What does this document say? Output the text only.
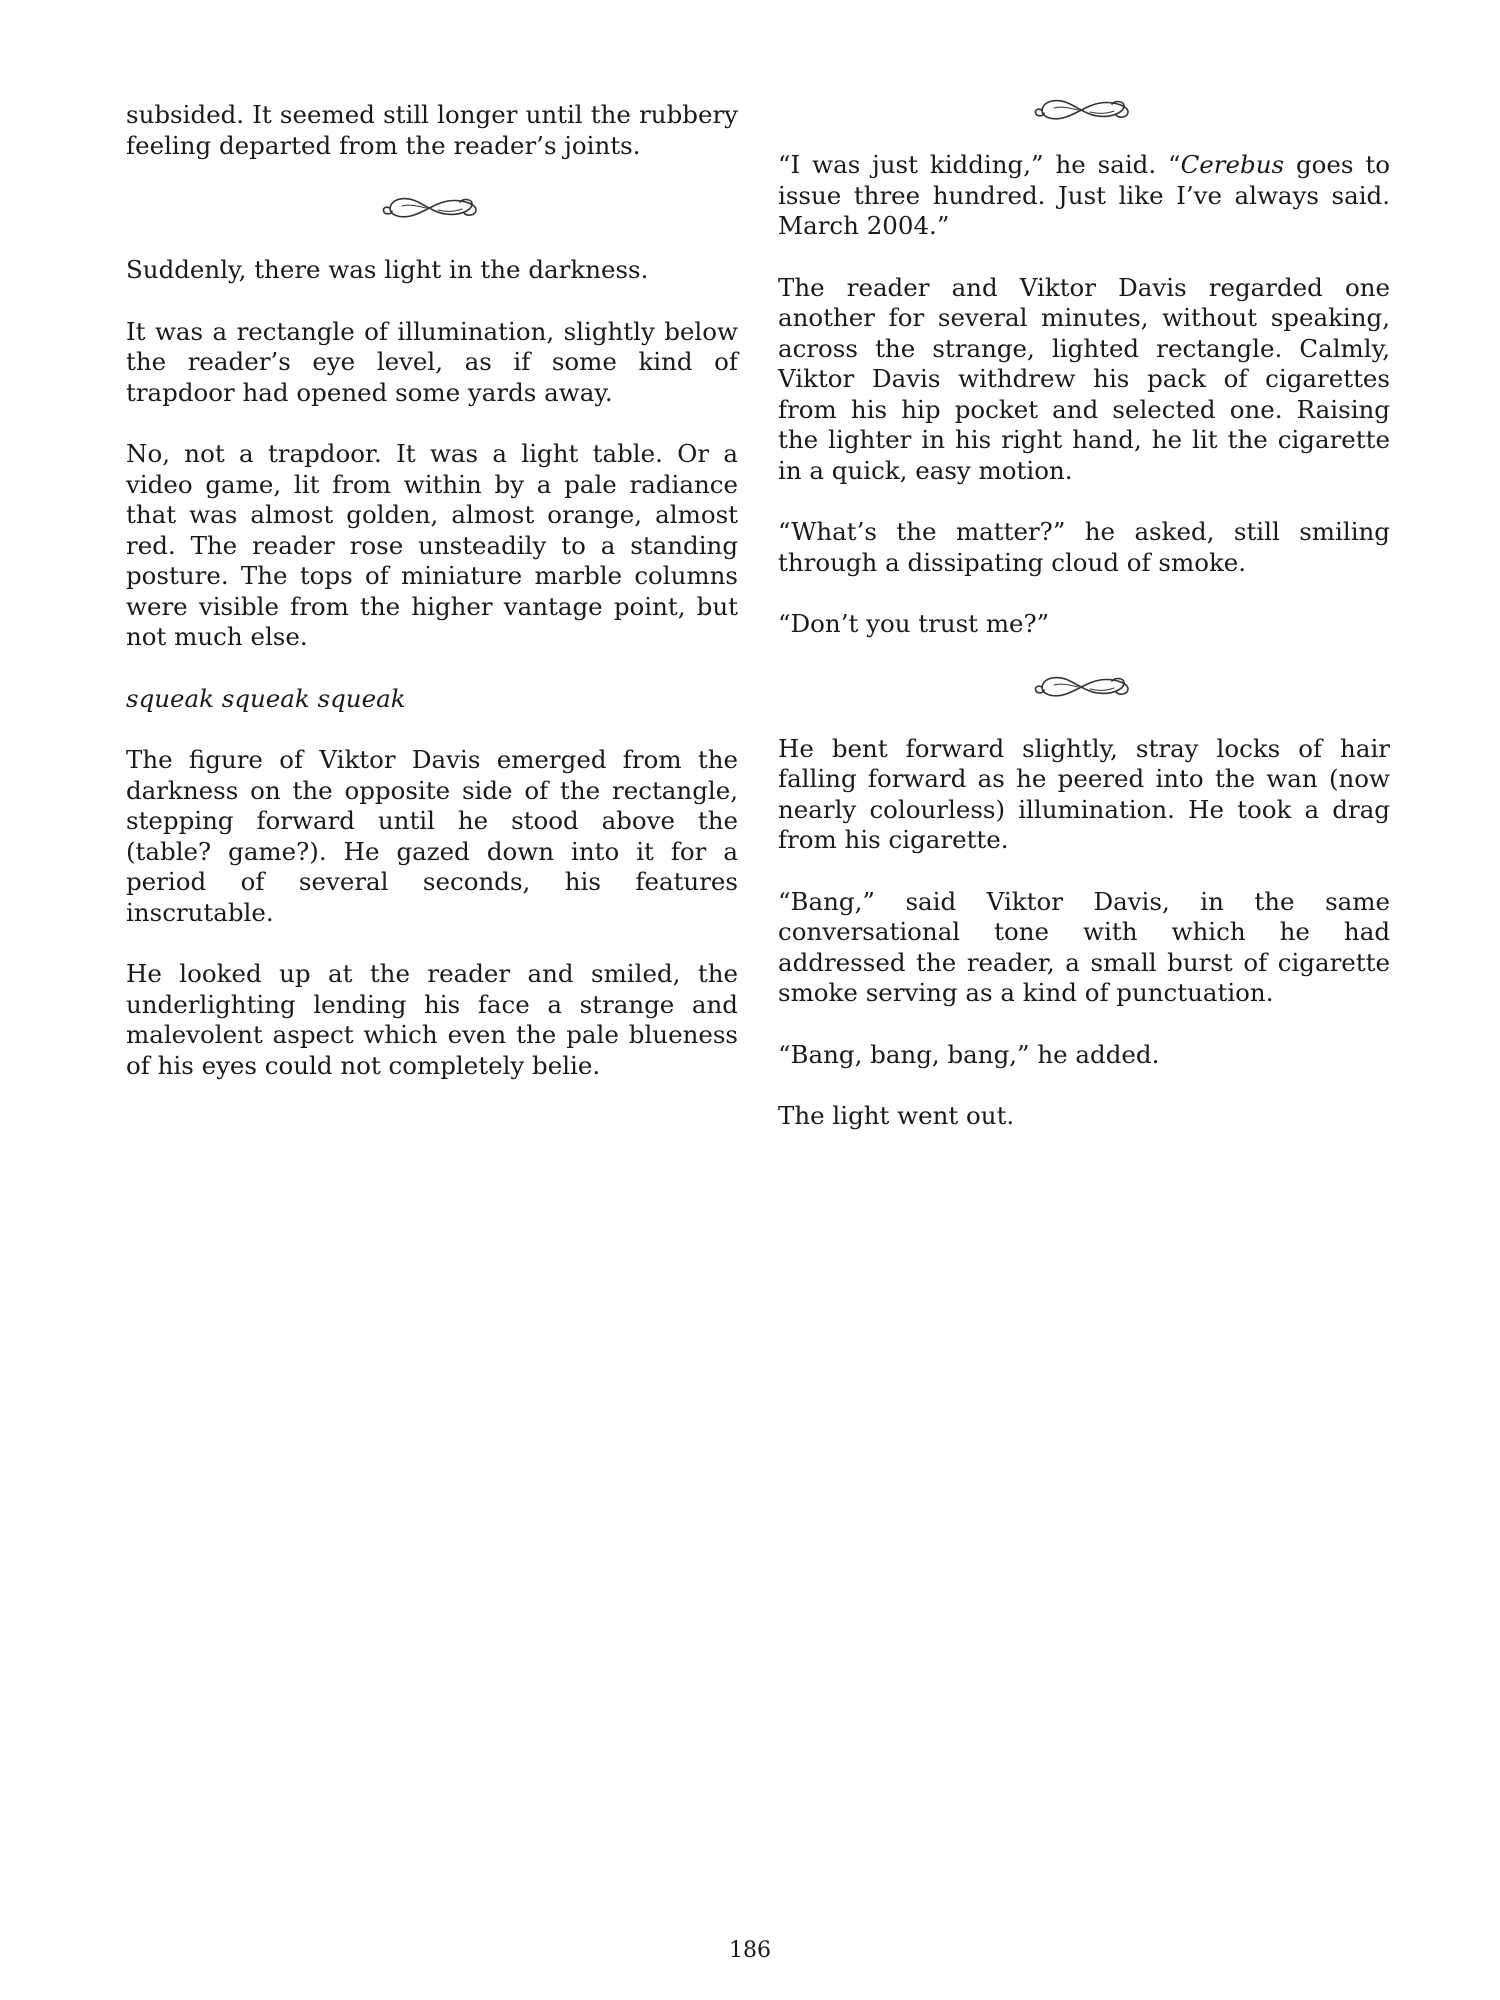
subsided. It seemed still longer until the rubbery feeling departed from the reader’s joints.

Suddenly, there was light in the darkness.

It was a rectangle of illumination, slightly below the reader’s eye level, as if some kind of trapdoor had opened some yards away.

No, not a trapdoor. It was a light table. Or a video game, lit from within by a pale radiance that was almost golden, almost orange, almost red. The reader rose unsteadily to a standing posture. The tops of miniature marble columns were visible from the higher vantage point, but not much else.

squeak squeak squeak

The figure of Viktor Davis emerged from the darkness on the opposite side of the rectangle, stepping forward until he stood above the (table? game?). He gazed down into it for a period of several seconds, his features inscrutable.

He looked up at the reader and smiled, the underlighting lending his face a strange and malevolent aspect which even the pale blueness of his eyes could not completely belie.

“I was just kidding,” he said. “Cerebus goes to issue three hundred. Just like I’ve always said. March 2004.”

The reader and Viktor Davis regarded one another for several minutes, without speaking, across the strange, lighted rectangle. Calmly, Viktor Davis withdrew his pack of cigarettes from his hip pocket and selected one. Raising the lighter in his right hand, he lit the cigarette in a quick, easy motion.

“What’s the matter?” he asked, still smiling through a dissipating cloud of smoke.

“Don’t you trust me?”

He bent forward slightly, stray locks of hair falling forward as he peered into the wan (now nearly colourless) illumination. He took a drag from his cigarette.

“Bang,” said Viktor Davis, in the same conversational tone with which he had addressed the reader, a small burst of cigarette smoke serving as a kind of punctuation.

“Bang, bang, bang,” he added.

The light went out.

186
